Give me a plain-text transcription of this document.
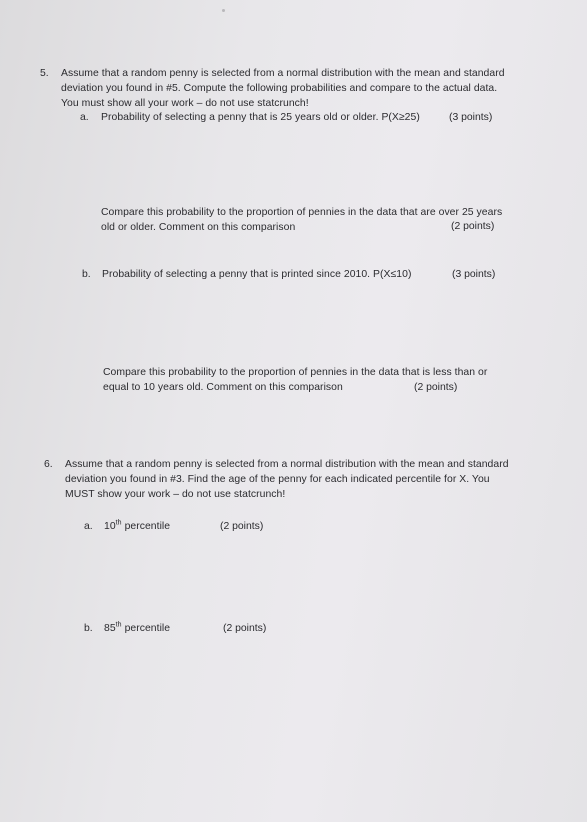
5. Assume that a random penny is selected from a normal distribution with the mean and standard
deviation you found in #5. Compute the following probabilities and compare to the actual data.
You must show all your work – do not use statcrunch!
a. Probability of selecting a penny that is 25 years old or older. P(X≥25)	(3 points)
Compare this probability to the proportion of pennies in the data that are over 25 years
old or older. Comment on this comparison	(2 points)
b. Probability of selecting a penny that is printed since 2010. P(X≤10)	(3 points)
Compare this probability to the proportion of pennies in the data that is less than or
equal to 10 years old. Comment on this comparison	(2 points)
6. Assume that a random penny is selected from a normal distribution with the mean and standard
deviation you found in #3. Find the age of the penny for each indicated percentile for X. You
MUST show your work – do not use statcrunch!
a. 10th percentile	(2 points)
b. 85th percentile	(2 points)
